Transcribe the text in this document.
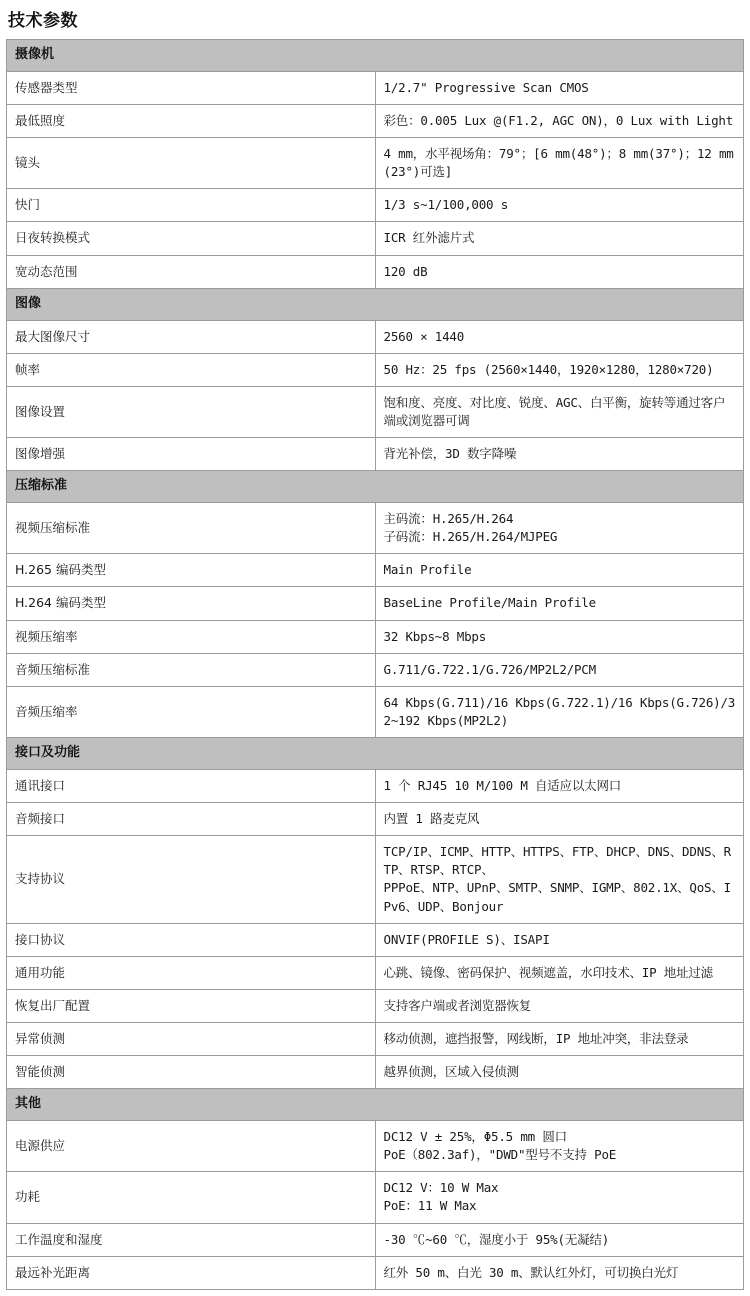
技术参数
摄像机	
传感器类型	1/2.7" Progressive Scan CMOS

最低照度	彩色：0.005 Lux @(F1.2, AGC ON)，0 Lux with Light

镜头	4 mm，水平视场角：79°；[6 mm(48°)；8 mm(37°)；12 mm(23°)可选]

快门	1/3 s~1/100,000 s

日夜转换模式	ICR 红外滤片式

宽动态范围	120 dB

图像	
最大图像尺寸	2560 × 1440

帧率	50 Hz：25 fps (2560×1440，1920×1280，1280×720)

图像设置	饱和度、亮度、对比度、锐度、AGC、白平衡，旋转等通过客户端或浏览器可调

图像增强	背光补偿，3D 数字降噪

压缩标准	
视频压缩标准	主码流：H.265/H.264
子码流：H.265/H.264/MJPEG

H.265 编码类型	Main Profile

H.264 编码类型	BaseLine Profile/Main Profile

视频压缩率	32 Kbps~8 Mbps

音频压缩标准	G.711/G.722.1/G.726/MP2L2/PCM

音频压缩率	64 Kbps(G.711)/16 Kbps(G.722.1)/16 Kbps(G.726)/32~192 Kbps(MP2L2)

接口及功能	
通讯接口	1 个 RJ45 10 M/100 M 自适应以太网口

音频接口	内置 1 路麦克风

支持协议	TCP/IP、ICMP、HTTP、HTTPS、FTP、DHCP、DNS、DDNS、RTP、RTSP、RTCP、
PPPoE、NTP、UPnP、SMTP、SNMP、IGMP、802.1X、QoS、IPv6、UDP、Bonjour

接口协议	ONVIF(PROFILE S)、ISAPI

通用功能	心跳、镜像、密码保护、视频遮盖，水印技术、IP 地址过滤

恢复出厂配置	支持客户端或者浏览器恢复

异常侦测	移动侦测，遮挡报警，网线断，IP 地址冲突，非法登录

智能侦测	越界侦测，区域入侵侦测

其他	
电源供应	DC12 V ± 25%，Φ5.5 mm 圆口
PoE（802.3af)，"DWD"型号不支持 PoE

功耗	DC12 V：10 W Max
PoE：11 W Max

工作温度和湿度	-30 ℃~60 ℃，湿度小于 95%(无凝结)

最远补光距离	红外 50 m、白光 30 m、默认红外灯，可切换白光灯
